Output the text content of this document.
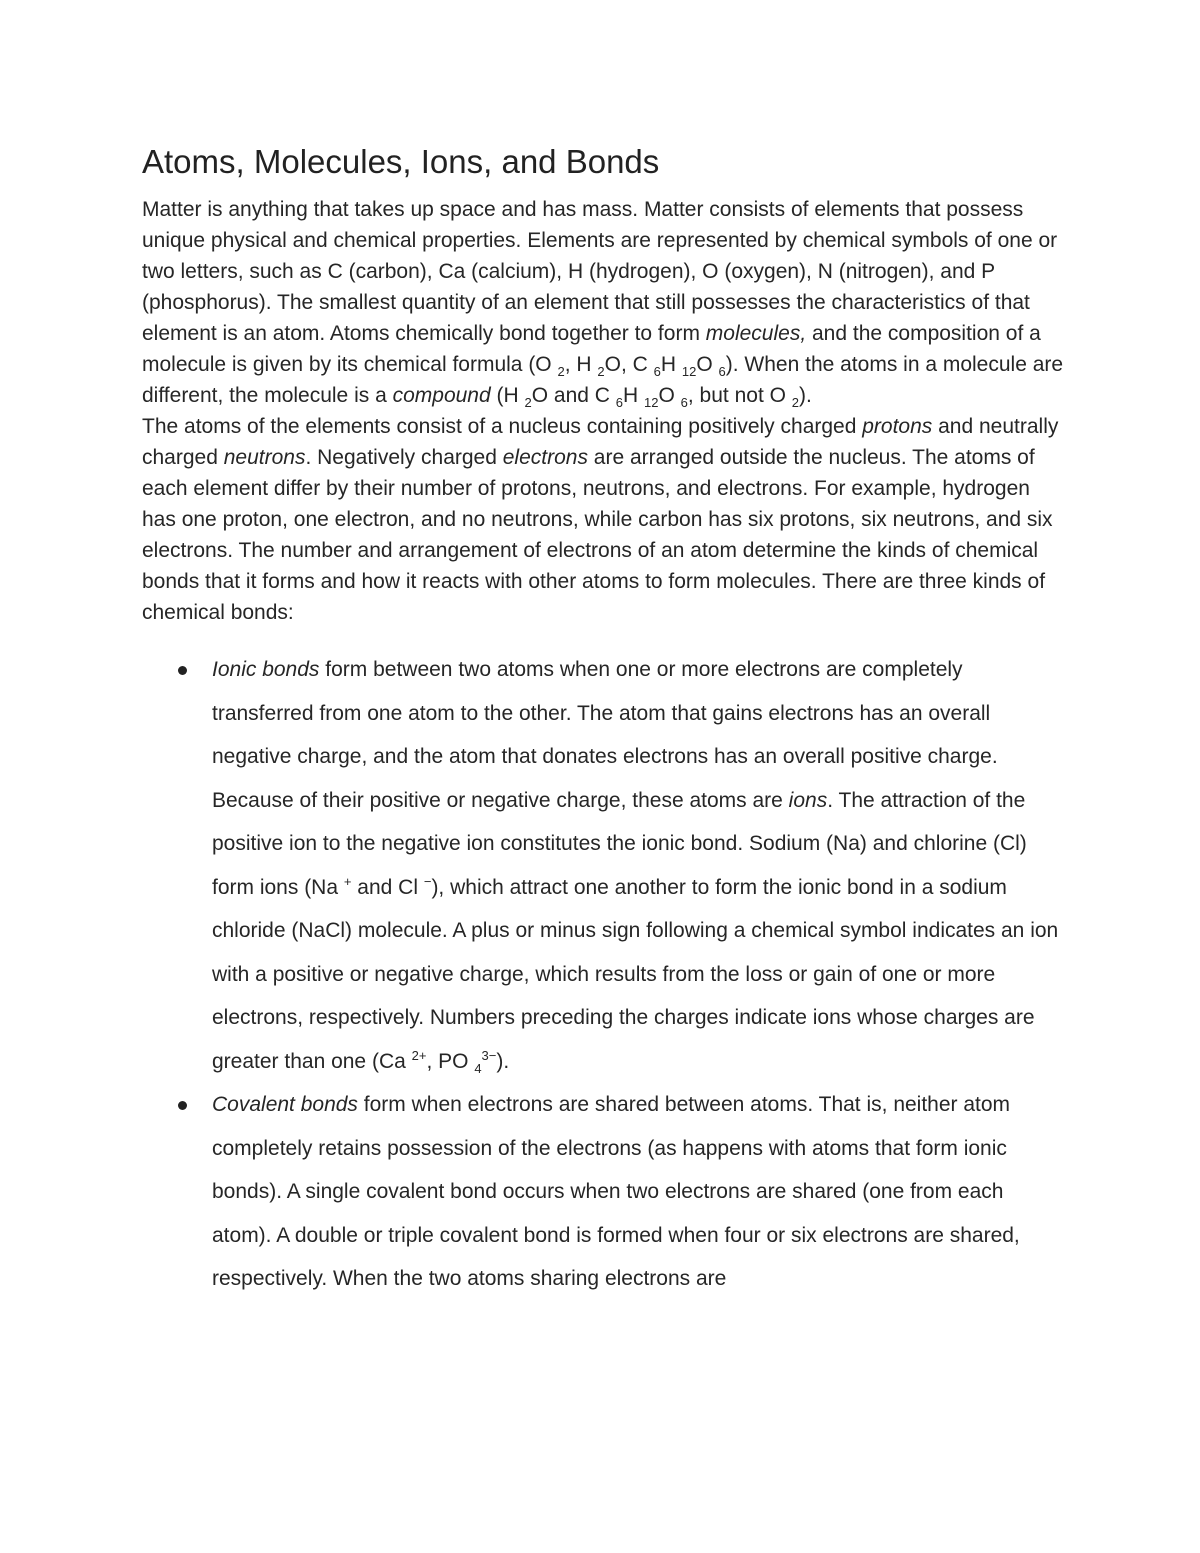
Atoms, Molecules, Ions, and Bonds

Matter is anything that takes up space and has mass. Matter consists of elements that possess unique physical and chemical properties. Elements are represented by chemical symbols of one or two letters, such as C (carbon), Ca (calcium), H (hydrogen), O (oxygen), N (nitrogen), and P (phosphorus). The smallest quantity of an element that still possesses the characteristics of that element is an atom. Atoms chemically bond together to form molecules, and the composition of a molecule is given by its chemical formula (O $_2$, H $_2$O, C $_6$H $_{12}$O $_6$). When the atoms in a molecule are different, the molecule is a compound (H $_2$O and C $_6$H $_{12}$O $_6$, but not O $_2$).

The atoms of the elements consist of a nucleus containing positively charged protons and neutrally charged neutrons. Negatively charged electrons are arranged outside the nucleus. The atoms of each element differ by their number of protons, neutrons, and electrons. For example, hydrogen has one proton, one electron, and no neutrons, while carbon has six protons, six neutrons, and six electrons. The number and arrangement of electrons of an atom determine the kinds of chemical bonds that it forms and how it reacts with other atoms to form molecules. There are three kinds of chemical bonds:

Ionic bonds form between two atoms when one or more electrons are completely transferred from one atom to the other. The atom that gains electrons has an overall negative charge, and the atom that donates electrons has an overall positive charge. Because of their positive or negative charge, these atoms are ions. The attraction of the positive ion to the negative ion constitutes the ionic bond. Sodium (Na) and chlorine (Cl) form ions (Na + and Cl −), which attract one another to form the ionic bond in a sodium chloride (NaCl) molecule. A plus or minus sign following a chemical symbol indicates an ion with a positive or negative charge, which results from the loss or gain of one or more electrons, respectively. Numbers preceding the charges indicate ions whose charges are greater than one (Ca $^{2+}$, PO $_4^{3-}$).
Covalent bonds form when electrons are shared between atoms. That is, neither atom completely retains possession of the electrons (as happens with atoms that form ionic bonds). A single covalent bond occurs when two electrons are shared (one from each atom). A double or triple covalent bond is formed when four or six electrons are shared, respectively. When the two atoms sharing electrons are
